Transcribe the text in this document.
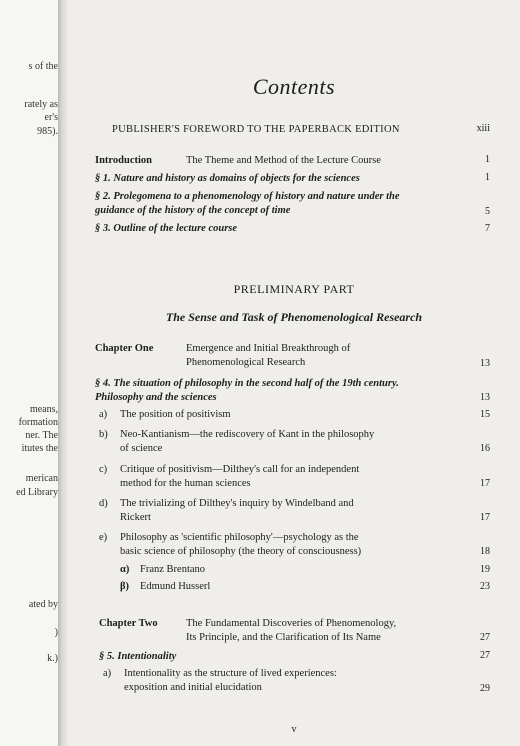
s of the
rately as
er's
985).
means,
formation
ner. The
itutes the
merican
ed Library
ated by
)
k.)
Contents
PUBLISHER'S FOREWORD TO THE PAPERBACK EDITION	xiii
Introduction	The Theme and Method of the Lecture Course	1
§ 1. Nature and history as domains of objects for the sciences	1
§ 2. Prolegomena to a phenomenology of history and nature under the
guidance of the history of the concept of time	5
§ 3. Outline of the lecture course	7
PRELIMINARY PART
The Sense and Task of Phenomenological Research
Chapter One	Emergence and Initial Breakthrough of
Phenomenological Research	13
§ 4. The situation of philosophy in the second half of the 19th century.
Philosophy and the sciences	13
a) The position of positivism	15
b) Neo-Kantianism—the rediscovery of Kant in the philosophy
of science	16
c) Critique of positivism—Dilthey's call for an independent
method for the human sciences	17
d) The trivializing of Dilthey's inquiry by Windelband and
Rickert	17
e) Philosophy as 'scientific philosophy'—psychology as the
basic science of philosophy (the theory of consciousness)	18
α) Franz Brentano	19
β) Edmund Husserl	23
Chapter Two	The Fundamental Discoveries of Phenomenology,
Its Principle, and the Clarification of Its Name	27
§ 5. Intentionality	27
a) Intentionality as the structure of lived experiences:
exposition and initial elucidation	29
v
